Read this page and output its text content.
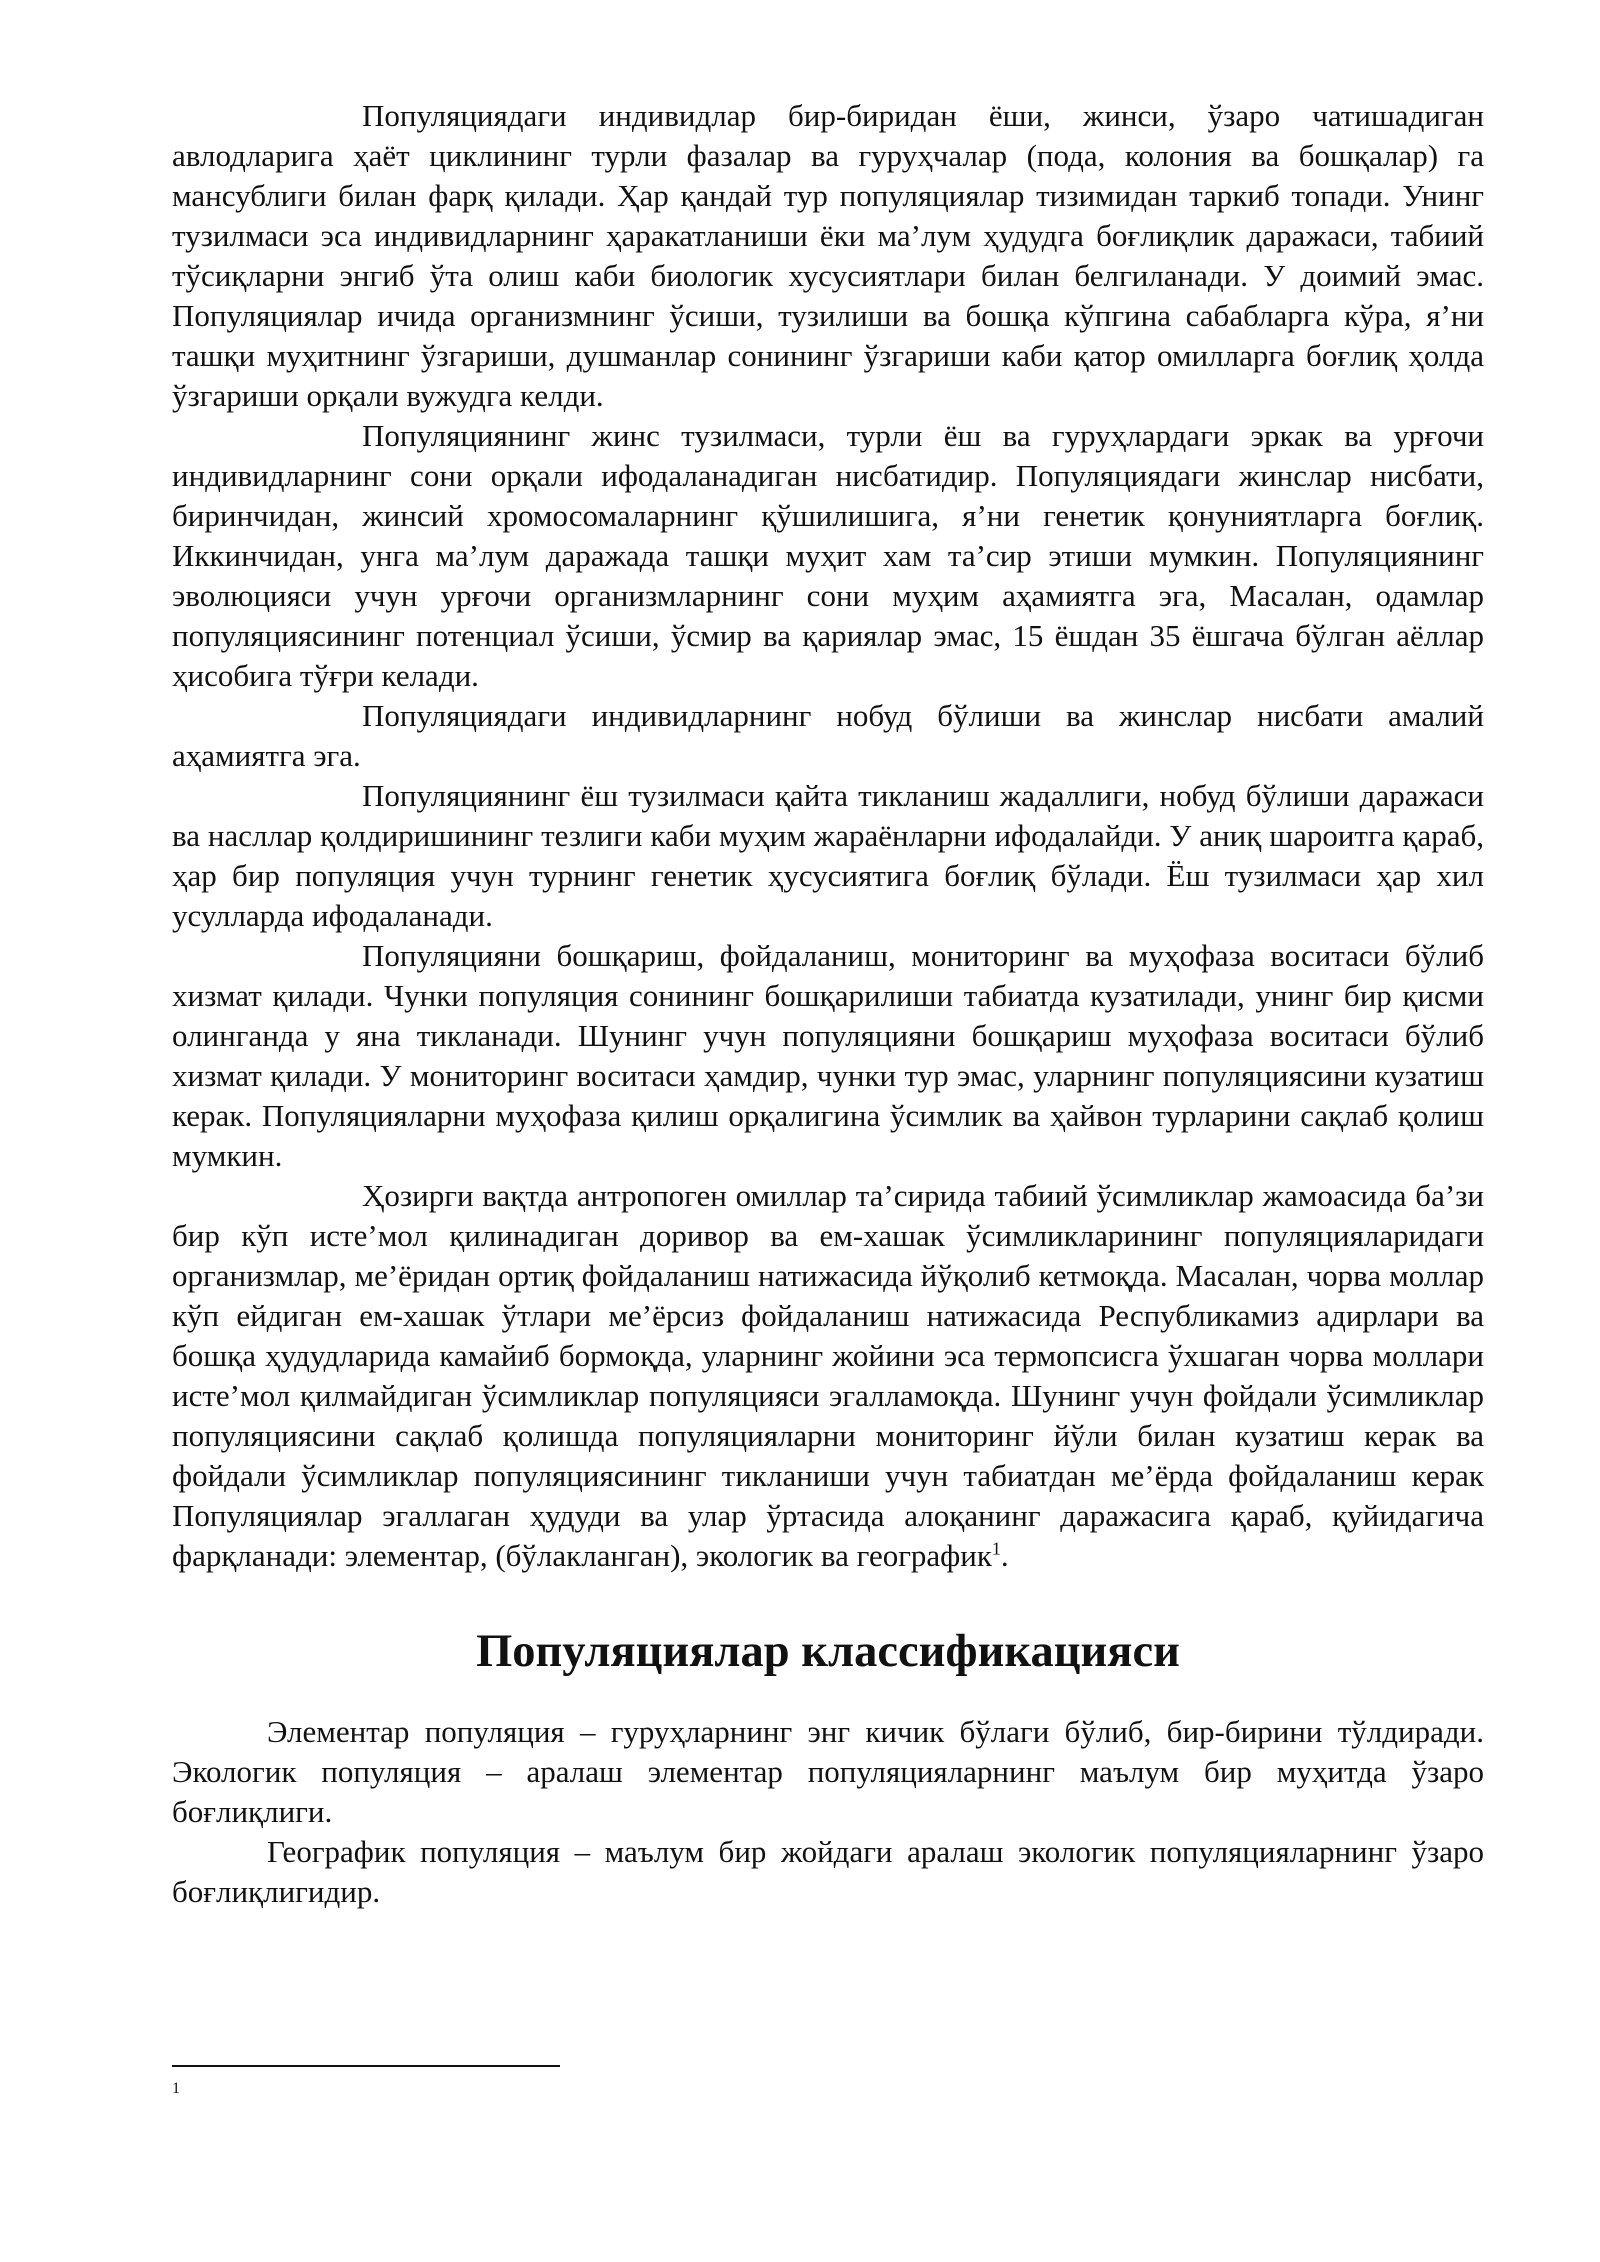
Популяциядаги индивидлар бир-биридан ёши, жинси, ўзаро чатишадиган авлодларига ҳаёт циклининг турли фазалар ва гуруҳчалар (пода, колония ва бошқалар) га мансублиги билан фарқ қилади. Ҳар қандай тур популяциялар тизимидан таркиб топади. Унинг тузилмаси эса индивидларнинг ҳаракатланиши ёки ма’лум ҳудудга боғлиқлик даражаси, табиий тўсиқларни энгиб ўта олиш каби биологик хусусиятлари билан белгиланади. У доимий эмас. Популяциялар ичида организмнинг ўсиши, тузилиши ва бошқа кўпгина сабабларга кўра, я’ни ташқи муҳитнинг ўзгариши, душманлар сонининг ўзгариши каби қатор омилларга боғлиқ ҳолда ўзгариши орқали вужудга келди.

Популяциянинг жинс тузилмаси, турли ёш ва гуруҳлардаги эркак ва урғочи индивидларнинг сони орқали ифодаланадиган нисбатидир. Популяциядаги жинслар нисбати, биринчидан, жинсий хромосомаларнинг қўшилишига, я’ни генетик қонуниятларга боғлиқ. Иккинчидан, унга ма’лум даражада ташқи муҳит хам та’сир этиши мумкин. Популяциянинг эволюцияси учун урғочи организмларнинг сони муҳим аҳамиятга эга, Масалан, одамлар популяциясининг потенциал ўсиши, ўсмир ва қариялар эмас, 15 ёшдан 35 ёшгача бўлган аёллар ҳисобига тўғри келади.

Популяциядаги индивидларнинг нобуд бўлиши ва жинслар нисбати амалий аҳамиятга эга.

Популяциянинг ёш тузилмаси қайта тикланиш жадаллиги, нобуд бўлиши даражаси ва насллар қолдиришининг тезлиги каби муҳим жараёнларни ифодалайди. У аниқ шароитга қараб, ҳар бир популяция учун турнинг генетик ҳусусиятига боғлиқ бўлади. Ёш тузилмаси ҳар хил усулларда ифодаланади.

Популяцияни бошқариш, фойдаланиш, мониторинг ва муҳофаза воситаси бўлиб хизмат қилади. Чунки популяция сонининг бошқарилиши табиатда кузатилади, унинг бир қисми олинганда у яна тикланади. Шунинг учун популяцияни бошқариш муҳофаза воситаси бўлиб хизмат қилади. У мониторинг воситаси ҳамдир, чунки тур эмас, уларнинг популяциясини кузатиш керак. Популяцияларни муҳофаза қилиш орқалигина ўсимлик ва ҳайвон турларини сақлаб қолиш мумкин.

Ҳозирги вақтда антропоген омиллар та’сирида табиий ўсимликлар жамоасида ба’зи бир кўп исте’мол қилинадиган доривор ва ем-хашак ўсимликларининг популяцияларидаги организмлар, ме’ёридан ортиқ фойдаланиш натижасида йўқолиб кетмоқда. Масалан, чорва моллар кўп ейдиган ем-хашак ўтлари ме’ёрсиз фойдаланиш натижасида Республикамиз адирлари ва бошқа ҳудудларида камайиб бормоқда, уларнинг жойини эса термопсисга ўхшаган чорва моллари исте’мол қилмайдиган ўсимликлар популяцияси эгалламоқда. Шунинг учун фойдали ўсимликлар популяциясини сақлаб қолишда популяцияларни мониторинг йўли билан кузатиш керак ва фойдали ўсимликлар популяциясининг тикланиши учун табиатдан ме’ёрда фойдаланиш керак Популяциялар эгаллаган ҳудуди ва улар ўртасида алоқанинг даражасига қараб, қуйидагича фарқланади: элементар, (бўлакланган), экологик ва географик$^1$.

Популяциялар классификацияси

Элементар популяция – гуруҳларнинг энг кичик бўлаги бўлиб, бир-бирини тўлдиради. Экологик популяция – аралаш элементар популяцияларнинг маълум бир муҳитда ўзаро боғлиқлиги.

Географик популяция – маълум бир жойдаги аралаш экологик популяцияларнинг ўзаро боғлиқлигидир.

1
